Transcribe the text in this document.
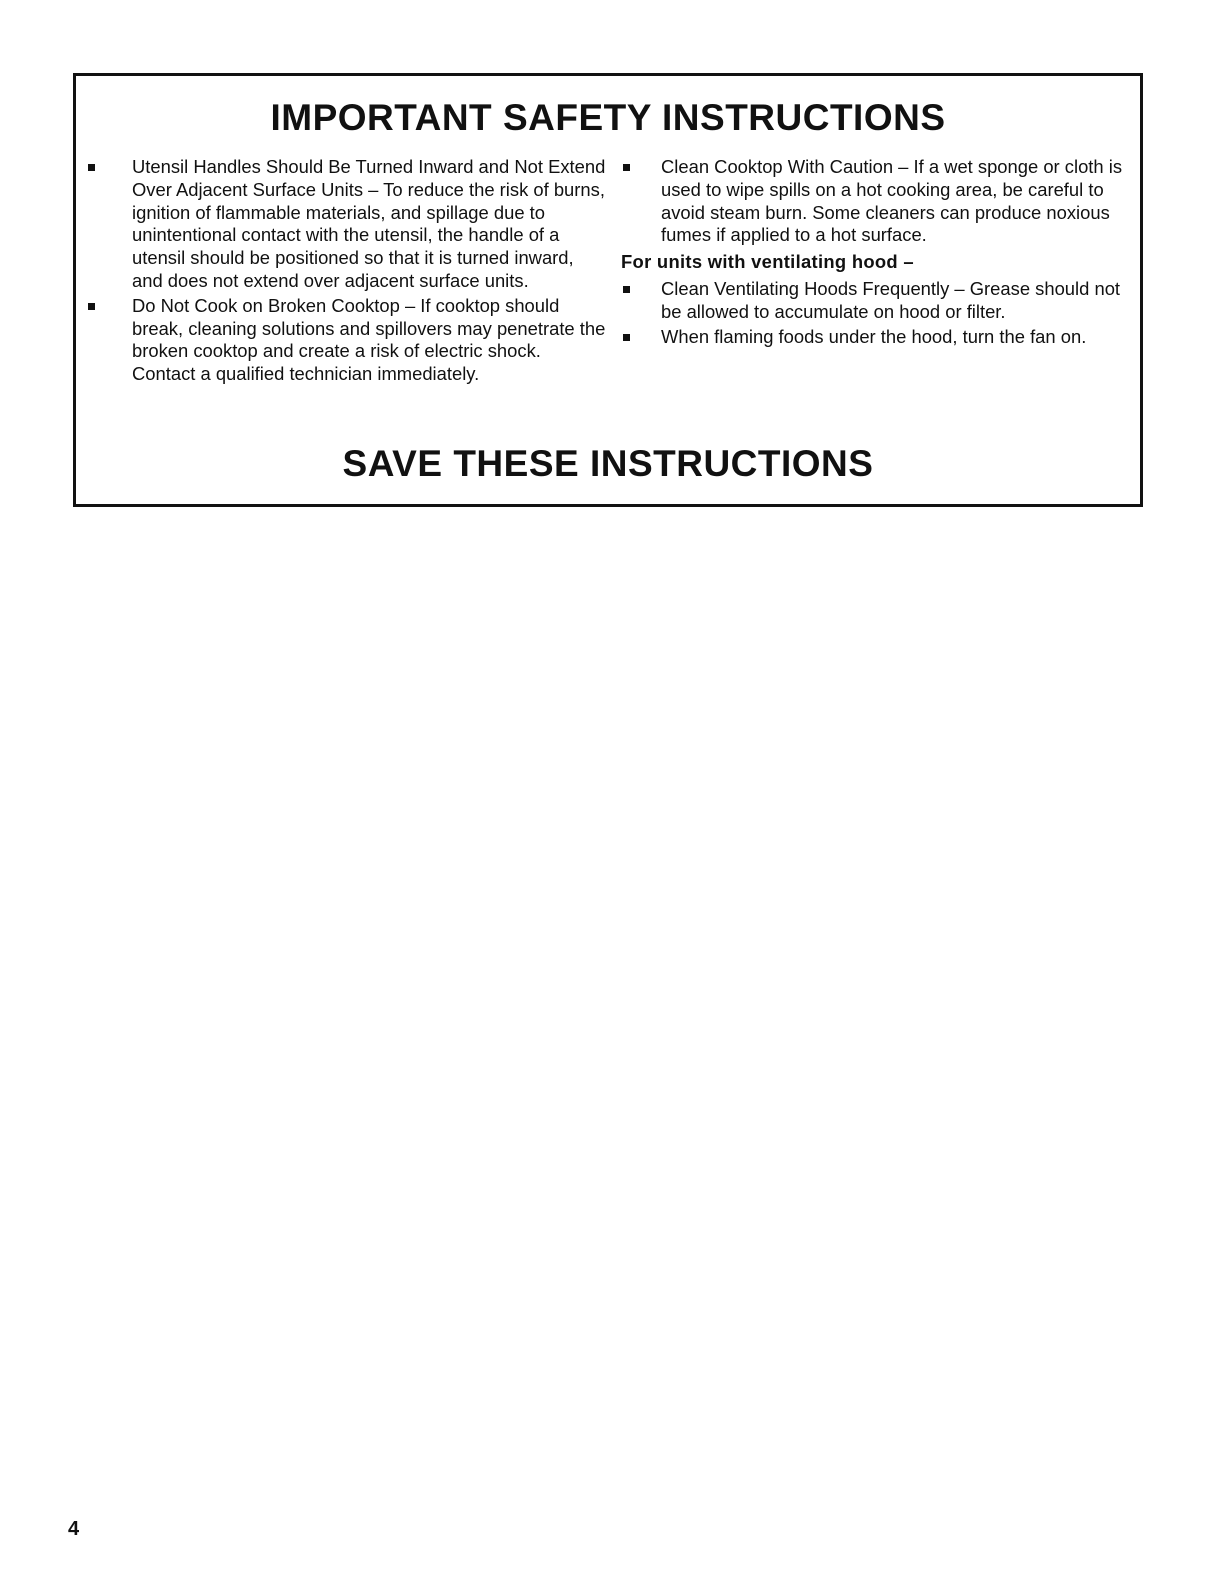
IMPORTANT SAFETY INSTRUCTIONS
Utensil Handles Should Be Turned Inward and Not Extend Over Adjacent Surface Units – To reduce the risk of burns, ignition of flammable materials, and spillage due to unintentional contact with the utensil, the handle of a utensil should be positioned so that it is turned inward, and does not extend over adjacent surface units.
Do Not Cook on Broken Cooktop – If cooktop should break, cleaning solutions and spillovers may penetrate the broken cooktop and create a risk of electric shock. Contact a qualified technician immediately.
Clean Cooktop With Caution – If a wet sponge or cloth is used to wipe spills on a hot cooking area, be careful to avoid steam burn. Some cleaners can produce noxious fumes if applied to a hot surface.
For units with ventilating hood –
Clean Ventilating Hoods Frequently – Grease should not be allowed to accumulate on hood or filter.
When flaming foods under the hood, turn the fan on.
SAVE THESE INSTRUCTIONS
4
